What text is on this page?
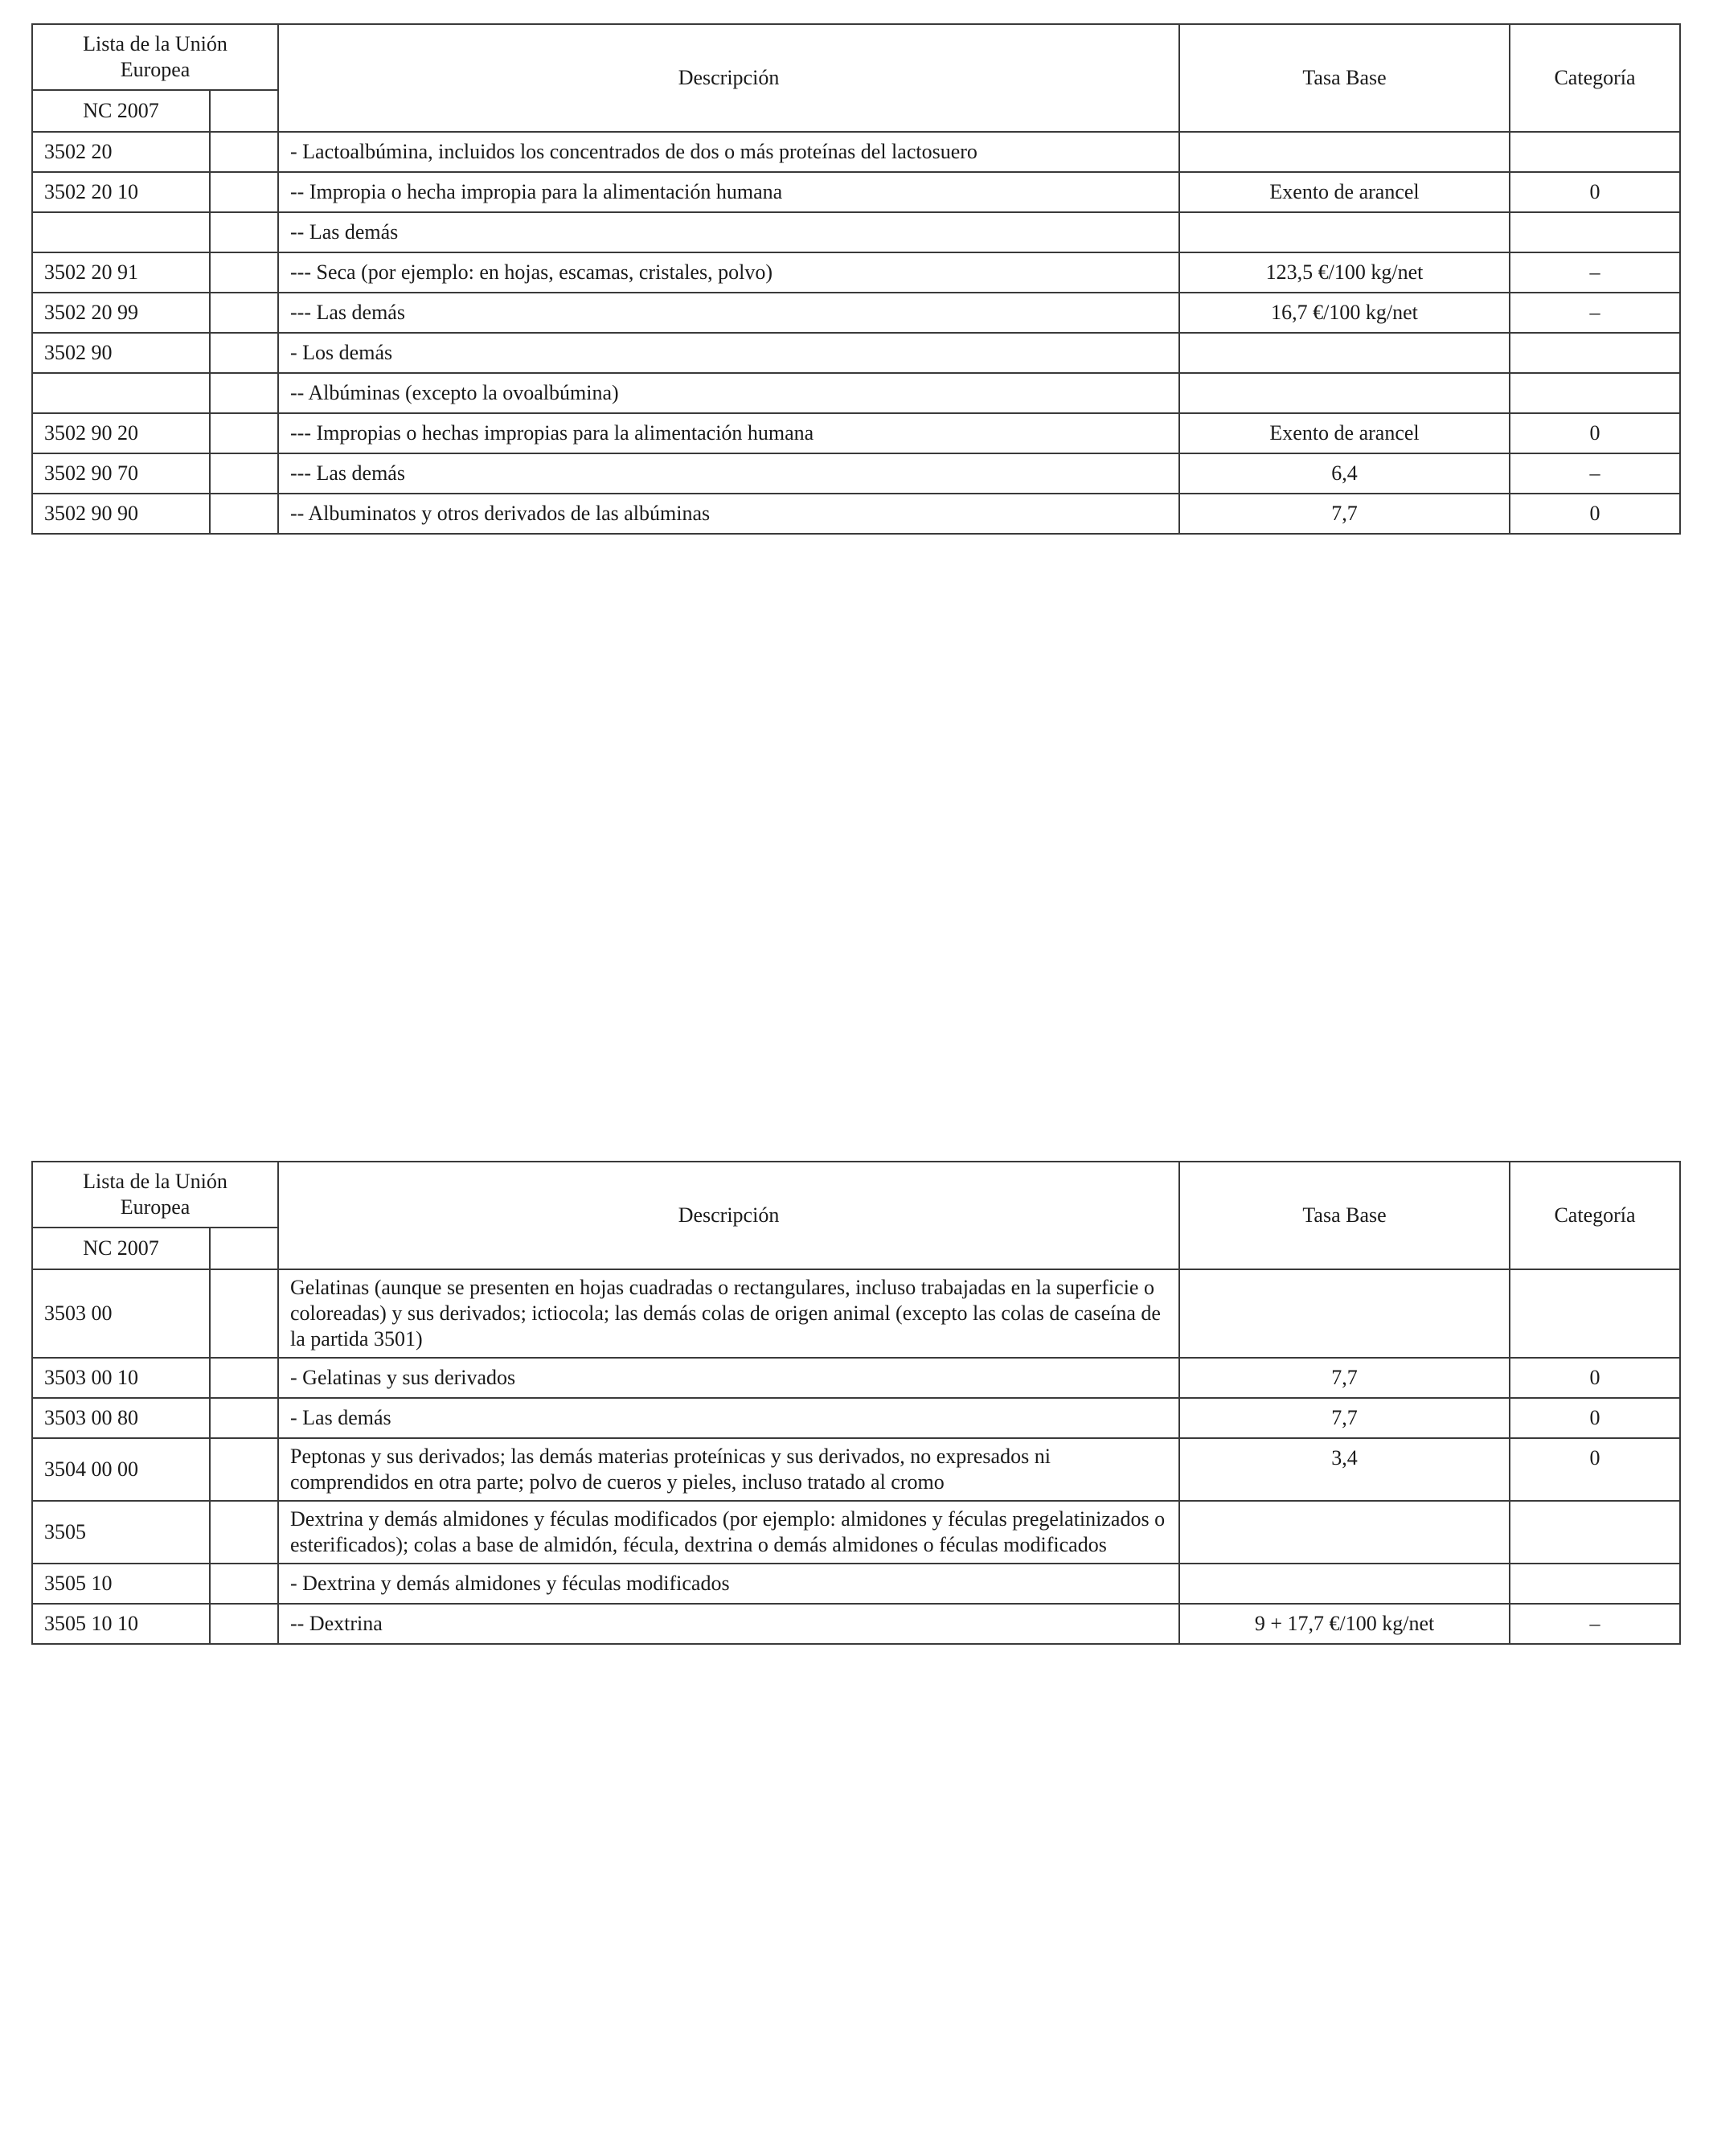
Lista de la Unión
Europea		Descripción	Tasa Base	Categoría
NC 2007				
3502 20		- Lactoalbúmina, incluidos los concentrados de dos o más proteínas del lactosuero		
3502 20 10		-- Impropia o hecha impropia para la alimentación humana	Exento de arancel	0
		-- Las demás		
3502 20 91		--- Seca (por ejemplo: en hojas, escamas, cristales, polvo)	123,5 €/100 kg/net	–
3502 20 99		--- Las demás	16,7 €/100 kg/net	–
3502 90		- Los demás		
		-- Albúminas (excepto la ovoalbúmina)		
3502 90 20		--- Impropias o hechas impropias para la alimentación humana	Exento de arancel	0
3502 90 70		--- Las demás	6,4	–
3502 90 90		-- Albuminatos y otros derivados de las albúminas	7,7	0
Lista de la Unión
Europea		Descripción	Tasa Base	Categoría
NC 2007				
3503 00		Gelatinas (aunque se presenten en hojas cuadradas o rectangulares, incluso trabajadas en la superficie o coloreadas) y sus derivados; ictiocola; las demás colas de origen animal (excepto las colas de caseína de la partida 3501)		
3503 00 10		- Gelatinas y sus derivados	7,7	0
3503 00 80		- Las demás	7,7	0
3504 00 00		Peptonas y sus derivados; las demás materias proteínicas y sus derivados, no expresados ni comprendidos en otra parte; polvo de cueros y pieles, incluso tratado al cromo	3,4	0
3505		Dextrina y demás almidones y féculas modificados (por ejemplo: almidones y féculas pregelatinizados o esterificados); colas a base de almidón, fécula, dextrina o demás almidones o féculas modificados		
3505 10		- Dextrina y demás almidones y féculas modificados		
3505 10 10		-- Dextrina	9 + 17,7 €/100 kg/net	–
